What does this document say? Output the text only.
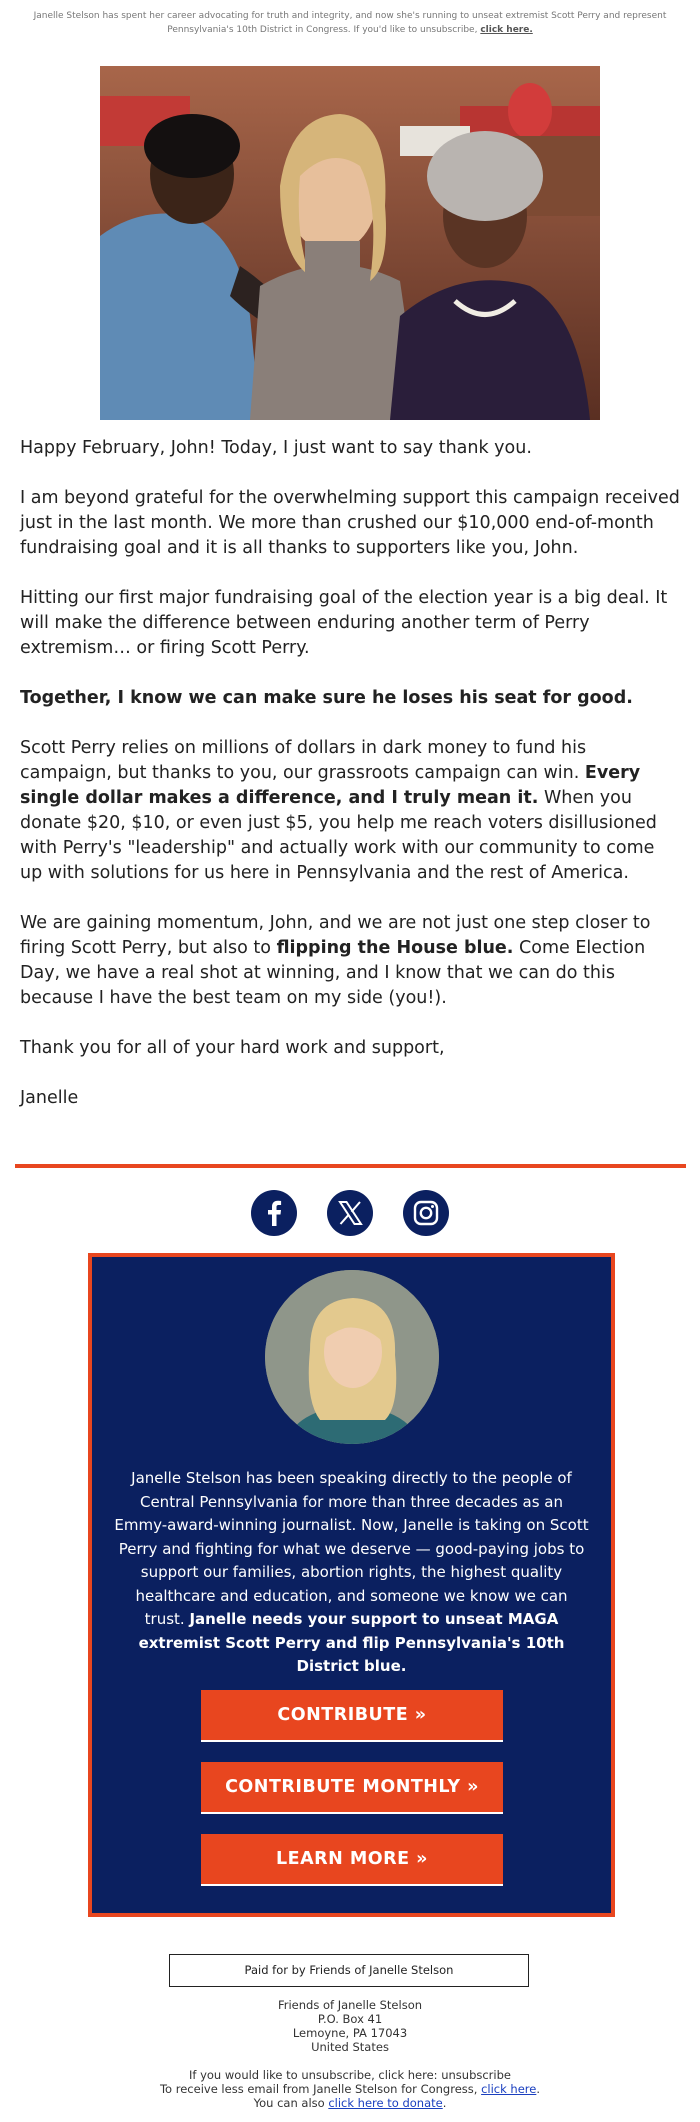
Janelle Stelson has spent her career advocating for truth and integrity, and now she's running to unseat extremist Scott Perry and represent Pennsylvania's 10th District in Congress. If you'd like to unsubscribe, click here.

Happy February, John! Today, I just want to say thank you.

I am beyond grateful for the overwhelming support this campaign received just in the last month. We more than crushed our $10,000 end-of-month fundraising goal and it is all thanks to supporters like you, John.

Hitting our first major fundraising goal of the election year is a big deal. It will make the difference between enduring another term of Perry extremism… or firing Scott Perry.

Together, I know we can make sure he loses his seat for good.

Scott Perry relies on millions of dollars in dark money to fund his campaign, but thanks to you, our grassroots campaign can win. Every single dollar makes a difference, and I truly mean it. When you donate $20, $10, or even just $5, you help me reach voters disillusioned with Perry's "leadership" and actually work with our community to come up with solutions for us here in Pennsylvania and the rest of America.

We are gaining momentum, John, and we are not just one step closer to firing Scott Perry, but also to flipping the House blue. Come Election Day, we have a real shot at winning, and I know that we can do this because I have the best team on my side (you!).

Thank you for all of your hard work and support,

Janelle

Janelle Stelson has been speaking directly to the people of Central Pennsylvania for more than three decades as an Emmy-award-winning journalist. Now, Janelle is taking on Scott Perry and fighting for what we deserve — good-paying jobs to support our families, abortion rights, the highest quality healthcare and education, and someone we know we can trust. Janelle needs your support to unseat MAGA extremist Scott Perry and flip Pennsylvania's 10th District blue.
CONTRIBUTE »
CONTRIBUTE MONTHLY »
LEARN MORE »
Paid for by Friends of Janelle Stelson
Friends of Janelle Stelson
P.O. Box 41
Lemoyne, PA 17043
United States
If you would like to unsubscribe, click here: unsubscribe
To receive less email from Janelle Stelson for Congress, click here.
You can also click here to donate.
